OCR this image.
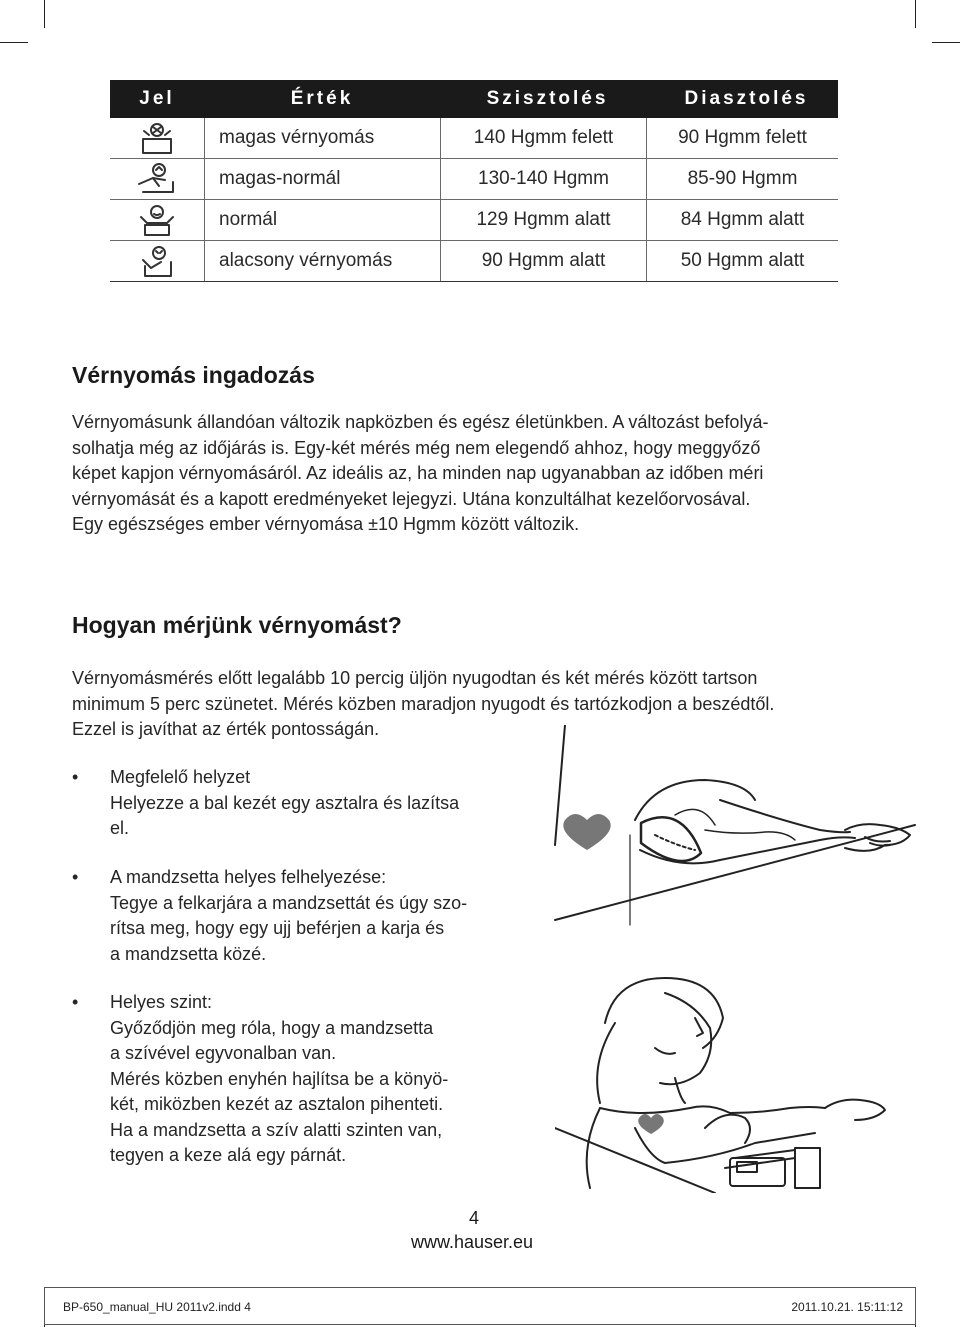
Jel	Érték	Szisztolés	Diasztolés
magas vérnyomás	140 Hgmm felett	90 Hgmm felett
magas-normál	130-140 Hgmm	85-90 Hgmm
normál	129 Hgmm alatt	84 Hgmm alatt
alacsony vérnyomás	90 Hgmm alatt	50 Hgmm alatt
Vérnyomás ingadozás

Vérnyomásunk állandóan változik napközben és egész életünkben. A változást befolyá-

solhatja még az időjárás is. Egy-két mérés még nem elegendő ahhoz, hogy meggyőző

képet kapjon vérnyomásáról. Az ideális az, ha minden nap ugyanabban az időben méri

vérnyomását és a kapott eredményeket lejegyzi. Utána konzultálhat kezelőorvosával.

Egy egészséges ember vérnyomása ±10 Hgmm között változik.

Hogyan mérjünk vérnyomást?

Vérnyomásmérés előtt legalább 10 percig üljön nyugodtan és két mérés között tartson

minimum 5 perc szünetet. Mérés közben maradjon nyugodt és tartózkodjon a beszédtől.

Ezzel is javíthat az érték pontosságán.

• Megfelelő helyzet
Helyezze a bal kezét egy asztalra és lazítsa
el.
• A mandzsetta helyes felhelyezése:
Tegye a felkarjára a mandzsettát és úgy szo-
rítsa meg, hogy egy ujj beférjen a karja és
a mandzsetta közé.
• Helyes szint:
Győződjön meg róla, hogy a mandzsetta
a szívével egyvonalban van.
Mérés közben enyhén hajlítsa be a könyö-
két, miközben kezét az asztalon pihenteti.
Ha a mandzsetta a szív alatti szinten van,
tegyen a keze alá egy párnát.
4
www.hauser.eu
BP-650_manual_HU 2011v2.indd 4	2011.10.21. 15:11:12
